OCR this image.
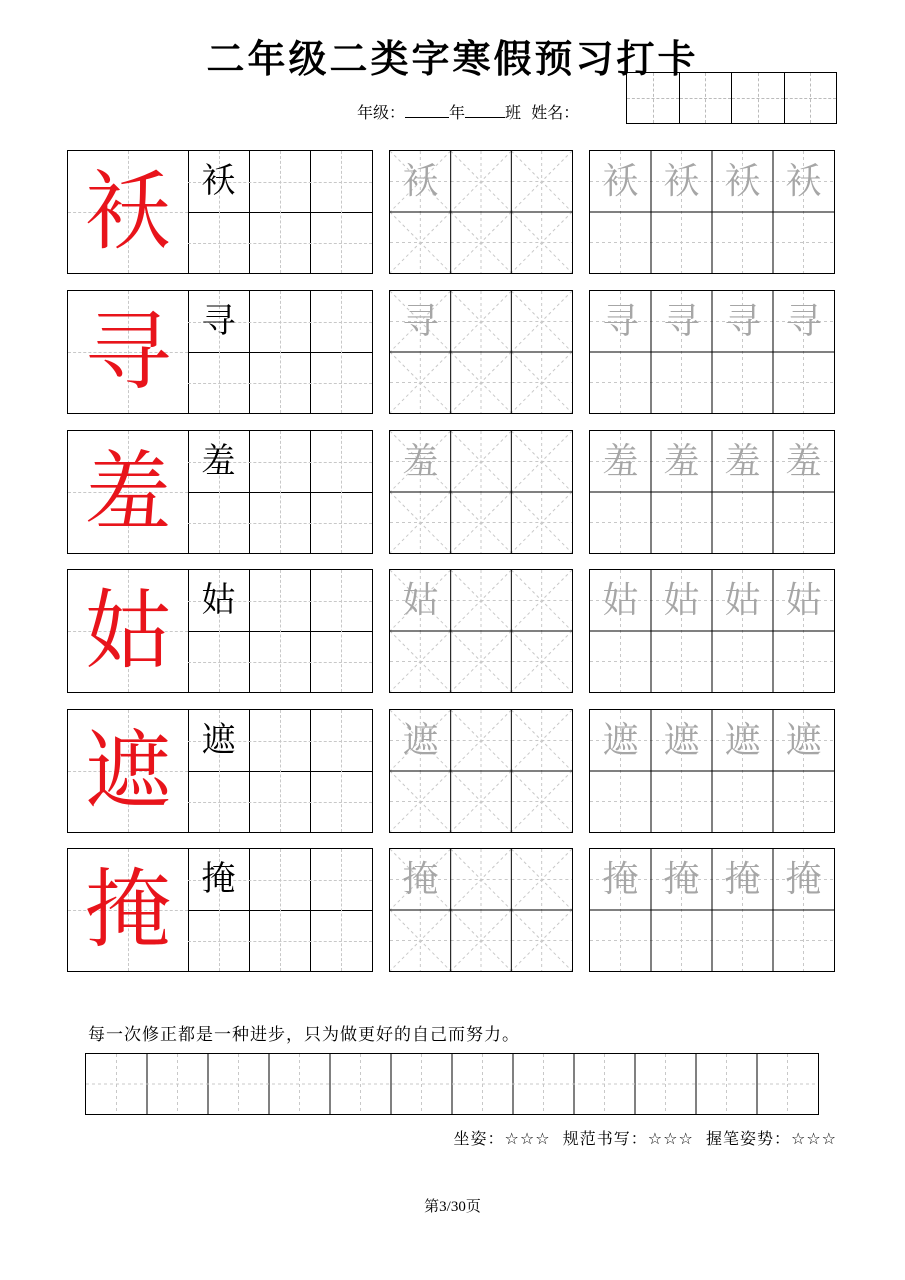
二年级二类字寒假预习打卡
年级：	年	班 姓名：
袄 袄	袄	袄 袄 袄 袄
寻 寻	寻	寻 寻 寻 寻
羞 羞	羞	羞 羞 羞 羞
姑 姑	姑	姑 姑 姑 姑
遮 遮	遮	遮 遮 遮 遮
掩 掩	掩	掩 掩 掩 掩
每一次修正都是一种进步，只为做更好的自己而努力。
坐姿：☆☆☆ 规范书写：☆☆☆ 握笔姿势：☆☆☆
第3/30页
